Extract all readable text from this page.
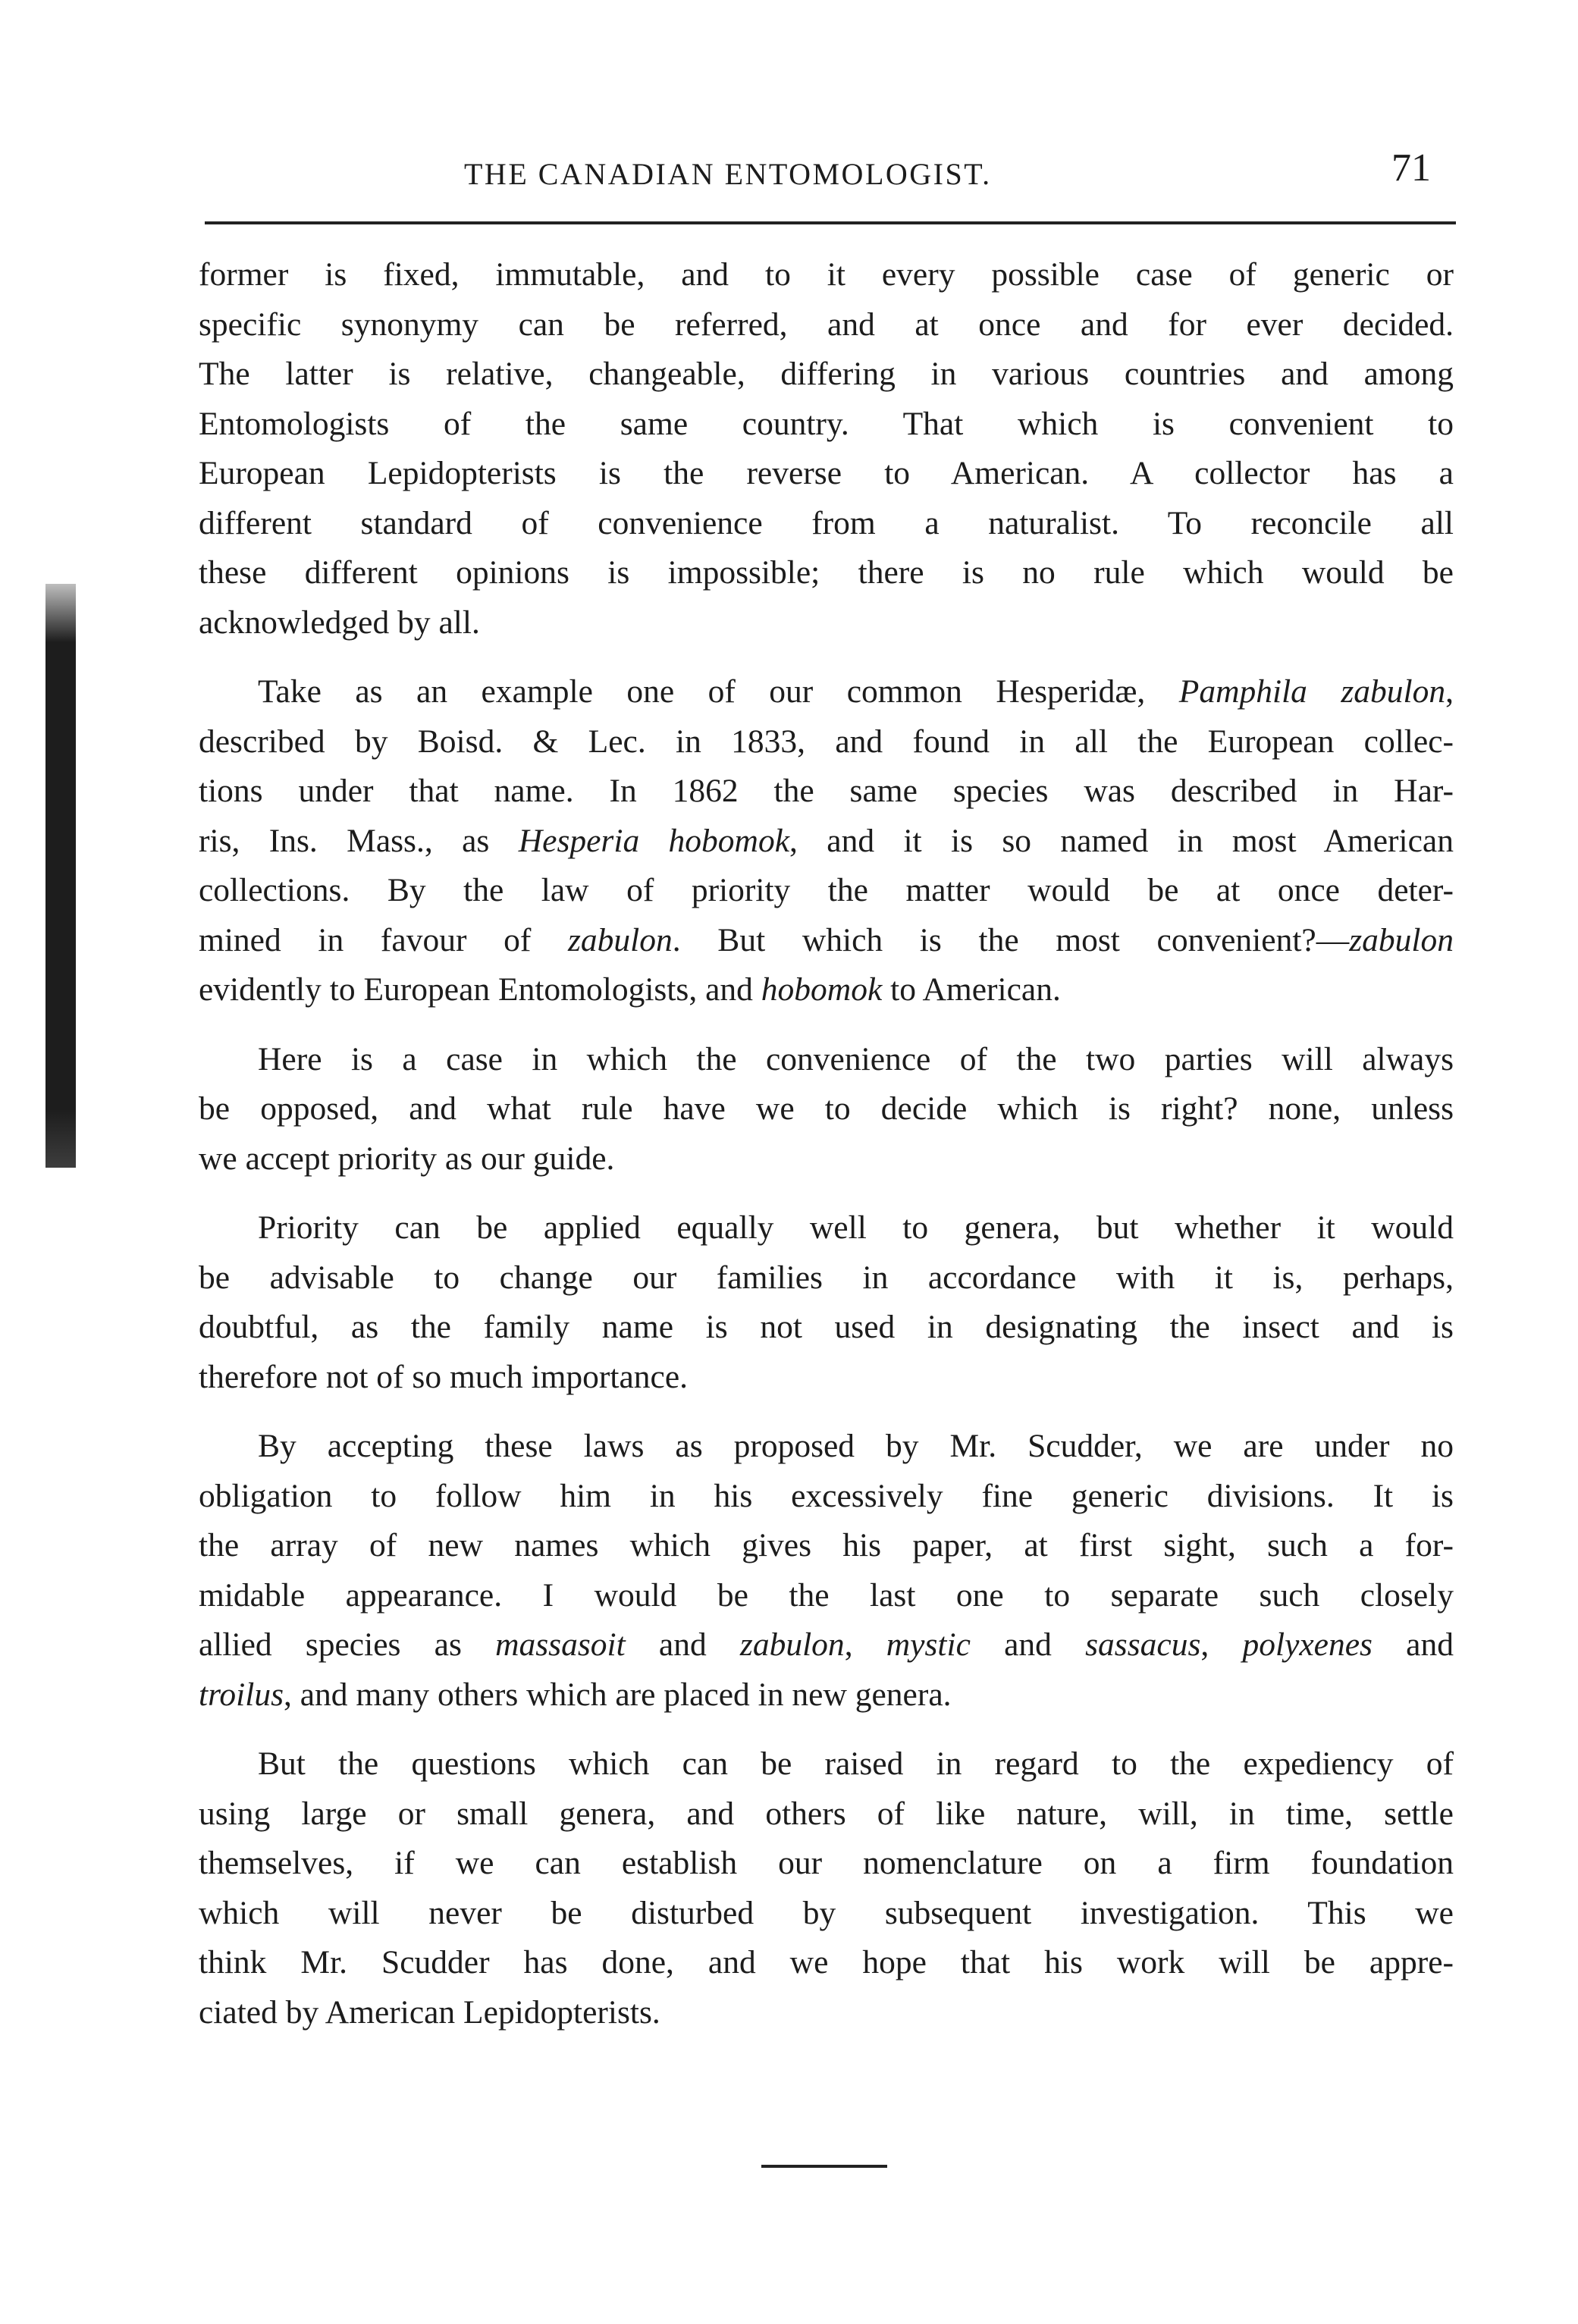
THE CANADIAN ENTOMOLOGIST.	71

former is fixed, immutable, and to it every possible case of generic or
specific synonymy can be referred, and at once and for ever decided.
The latter is relative, changeable, differing in various countries and among
Entomologists of the same country. That which is convenient to
European Lepidopterists is the reverse to American. A collector has a
different standard of convenience from a naturalist. To reconcile all
these different opinions is impossible; there is no rule which would be
acknowledged by all.

Take as an example one of our common Hesperidæ, Pamphila zabulon,
described by Boisd. & Lec. in 1833, and found in all the European collec-
tions under that name. In 1862 the same species was described in Har-
ris, Ins. Mass., as Hesperia hobomok, and it is so named in most American
collections. By the law of priority the matter would be at once deter-
mined in favour of zabulon. But which is the most convenient?—zabulon
evidently to European Entomologists, and hobomok to American.

Here is a case in which the convenience of the two parties will always
be opposed, and what rule have we to decide which is right? none, unless
we accept priority as our guide.

Priority can be applied equally well to genera, but whether it would
be advisable to change our families in accordance with it is, perhaps,
doubtful, as the family name is not used in designating the insect and is
therefore not of so much importance.

By accepting these laws as proposed by Mr. Scudder, we are under no
obligation to follow him in his excessively fine generic divisions. It is
the array of new names which gives his paper, at first sight, such a for-
midable appearance. I would be the last one to separate such closely
allied species as massasoit and zabulon, mystic and sassacus, polyxenes and
troilus, and many others which are placed in new genera.

But the questions which can be raised in regard to the expediency of
using large or small genera, and others of like nature, will, in time, settle
themselves, if we can establish our nomenclature on a firm foundation
which will never be disturbed by subsequent investigation. This we
think Mr. Scudder has done, and we hope that his work will be appre-
ciated by American Lepidopterists.
